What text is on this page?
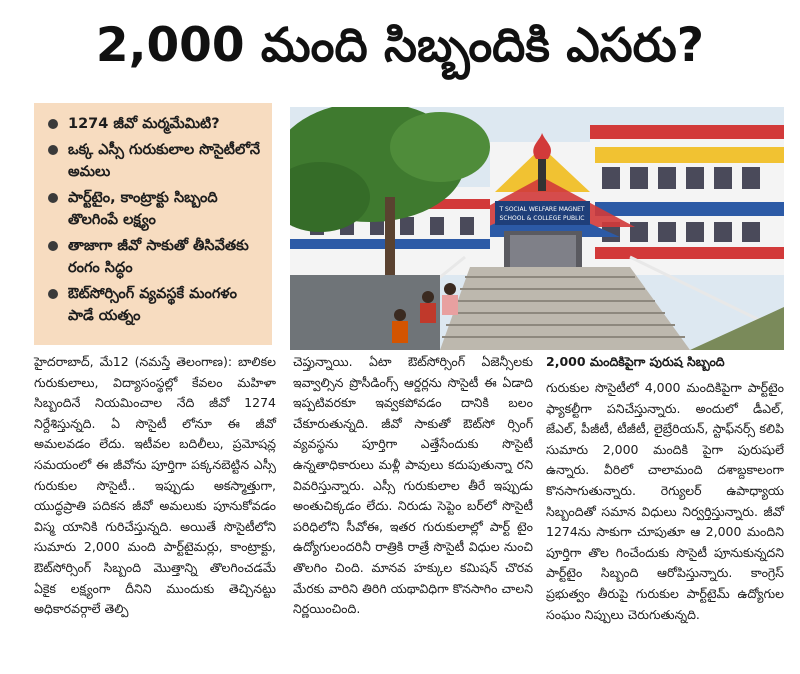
2,000 మంది సిబ్బందికి ఎసరు?
1274 జీవో మర్మమేమిటి?
ఒక్క ఎస్సీ గురుకులాల సొసైటీలోనే అమలు
పార్ట్‌టైం, కాంట్రాక్టు సిబ్బంది తొలగింపే లక్ష్యం
తాజాగా జీవో సాకుతో తీసివేతకు రంగం సిద్ధం
ఔట్‌సోర్సింగ్ వ్యవస్థకే మంగళం పాడే యత్నం
T SOCIAL WELFARE MAGNET
SCHOOL & COLLEGE PUBLIC

హైదరాబాద్, మే12 (నమస్తే తెలంగాణ): బాలికల గురుకులాలు, విద్యాసంస్థల్లో కేవలం మహిళా సిబ్బందినే నియమించాల నేది జీవో 1274 నిర్దేశిస్తున్నది. ఏ సొసైటీ లోనూ ఈ జీవో అమలవడం లేదు. ఇటీవల బదిలీలు, ప్రమోషన్ల సమయంలో ఈ జీవోను పూర్తిగా పక్కనబెట్టిన ఎస్సీ గురుకుల సొసైటీ.. ఇప్పుడు అకస్మాత్తుగా, యుద్ధప్రాతి పదికన జీవో అమలుకు పూనుకోవడం విస్మ యానికి గురిచేస్తున్నది. అయితే సొసైటీలోని సుమారు 2,000 మంది పార్ట్‌టైమర్లు, కాంట్రాక్టు, ఔట్‌సోర్సింగ్ సిబ్బంది మొత్తాన్ని తొలగించడమే ఏకైక లక్ష్యంగా దీనిని ముందుకు తెచ్చినట్టు అధికారవర్గాలే తెల్పి

చెప్తున్నాయి. ఏటా ఔట్‌సోర్సింగ్ ఏజెన్సీలకు ఇవ్వాల్సిన ప్రొసీడింగ్స్ ఆర్డర్లను సొసైటీ ఈ ఏడాది ఇప్పటివరకూ ఇవ్వకపోవడం దానికి బలం చేకూరుతున్నది. జీవో సాకుతో ఔట్‌సో ర్సింగ్ వ్యవస్థను పూర్తిగా ఎత్తేసేందుకు సొసైటీ ఉన్నతాధికారులు మళ్లీ పావులు కదుపుతున్నా రని వివరిస్తున్నారు. ఎస్సీ గురుకులాల తీరే ఇప్పుడు అంతుచిక్కడం లేదు. నిరుడు సెప్టెం బర్‌లో సొసైటీ పరిధిలోని సీవోఈ, ఇతర గురుకులాల్లో పార్ట్ టైం ఉద్యోగులందరినీ రాత్రికి రాత్రే సొసైటీ విధుల నుంచి తొలగిం చింది. మానవ హక్కుల కమిషన్ చొరవ మేరకు వారిని తిరిగి యథావిధిగా కొనసాగిం చాలని నిర్ణయించింది.

2,000 మందికిపైగా పురుష సిబ్బంది

గురుకుల సొసైటీలో 4,000 మందికిపైగా పార్ట్‌టైం ఫ్యాకల్టీగా పనిచేస్తున్నారు. అందులో డీఎల్, జేఎల్, పీజీటీ, టీజీటీ, లైబ్రేరియన్, స్టాఫ్‌నర్స్ కలిపి సుమారు 2,000 మందికి పైగా పురుషులే ఉన్నారు. వీరిలో చాలామంది దశాబ్దకాలంగా కొనసాగుతున్నారు. రెగ్యులర్ ఉపాధ్యాయ సిబ్బందితో సమాన విధులు నిర్వర్తిస్తున్నారు. జీవో 1274ను సాకుగా చూపుతూ ఆ 2,000 మందిని పూర్తిగా తొల గించేందుకు సొసైటీ పూనుకున్నదని పార్ట్‌టైం సిబ్బంది ఆరోపిస్తున్నారు. కాంగ్రెస్ ప్రభుత్వం తీరుపై గురుకుల పార్ట్‌టైమ్ ఉద్యోగుల సంఘం నిప్పులు చెరుగుతున్నది.
